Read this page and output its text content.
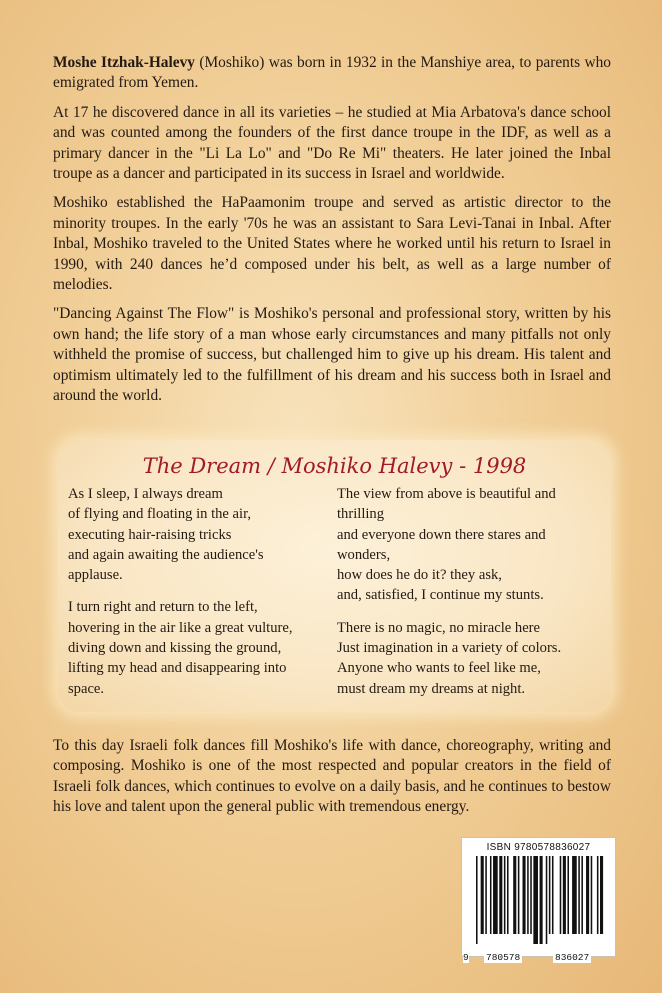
Moshe Itzhak-Halevy (Moshiko) was born in 1932 in the Manshiye area, to parents who emigrated from Yemen.

At 17 he discovered dance in all its varieties – he studied at Mia Arbatova's dance school and was counted among the founders of the first dance troupe in the IDF, as well as a primary dancer in the "Li La Lo" and "Do Re Mi" theaters. He later joined the Inbal troupe as a dancer and participated in its success in Israel and worldwide.

Moshiko established the HaPaamonim troupe and served as artistic director to the minority troupes. In the early '70s he was an assistant to Sara Levi-Tanai in Inbal. After Inbal, Moshiko traveled to the United States where he worked until his return to Israel in 1990, with 240 dances he’d composed under his belt, as well as a large number of melodies.

"Dancing Against The Flow" is Moshiko's personal and professional story, written by his own hand; the life story of a man whose early circumstances and many pitfalls not only withheld the promise of success, but challenged him to give up his dream. His talent and optimism ultimately led to the fulfillment of his dream and his success both in Israel and around the world.

The Dream / Moshiko Halevy - 1998
As I sleep, I always dream
of flying and floating in the air,
executing hair-raising tricks
and again awaiting the audience's
applause.
I turn right and return to the left,
hovering in the air like a great vulture,
diving down and kissing the ground,
lifting my head and disappearing into
space.
The view from above is beautiful and
thrilling
and everyone down there stares and
wonders,
how does he do it? they ask,
and, satisfied, I continue my stunts.
There is no magic, no miracle here
Just imagination in a variety of colors.
Anyone who wants to feel like me,
must dream my dreams at night.

To this day Israeli folk dances fill Moshiko's life with dance, choreography, writing and composing. Moshiko is one of the most respected and popular creators in the field of Israeli folk dances, which continues to evolve on a daily basis, and he continues to bestow his love and talent upon the general public with tremendous energy.

ISBN 9780578836027
9 780578	836027
